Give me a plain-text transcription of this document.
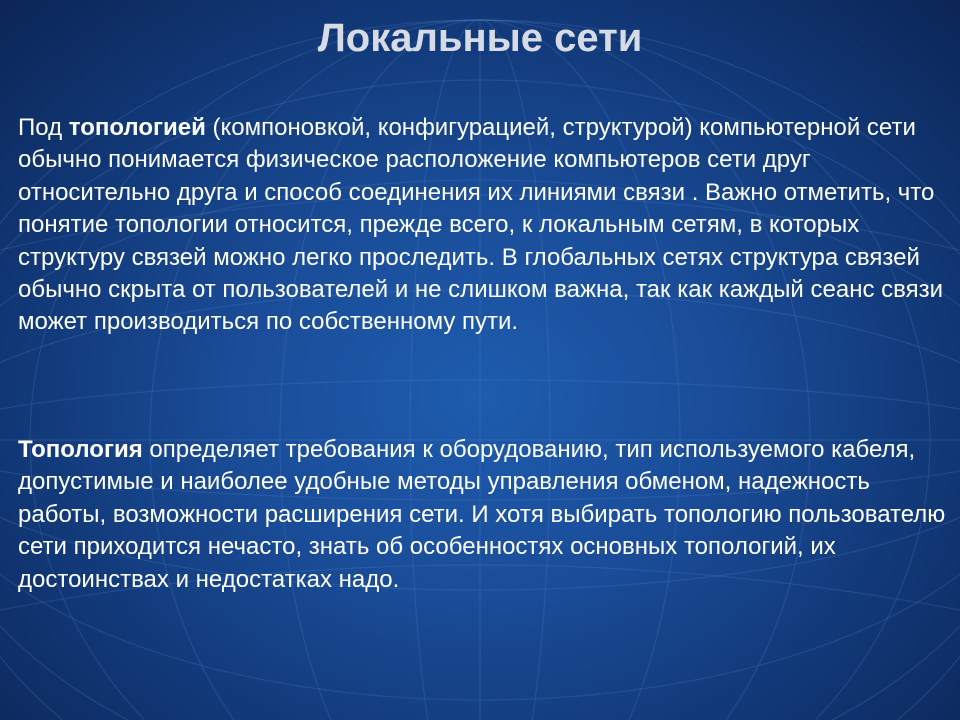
Локальные сети

Под топологией (компоновкой, конфигурацией, структурой) компьютерной сети обычно понимается физическое расположение компьютеров сети друг относительно друга и способ соединения их линиями связи . Важно отметить, что понятие топологии относится, прежде всего, к локальным сетям, в которых структуру связей можно легко проследить. В глобальных сетях структура связей обычно скрыта от пользователей и не слишком важна, так как каждый сеанс связи может производиться по собственному пути.

Топология определяет требования к оборудованию, тип используемого кабеля, допустимые и наиболее удобные методы управления обменом, надежность работы, возможности расширения сети. И хотя выбирать топологию пользователю сети приходится нечасто, знать об особенностях основных топологий, их достоинствах и недостатках надо.
